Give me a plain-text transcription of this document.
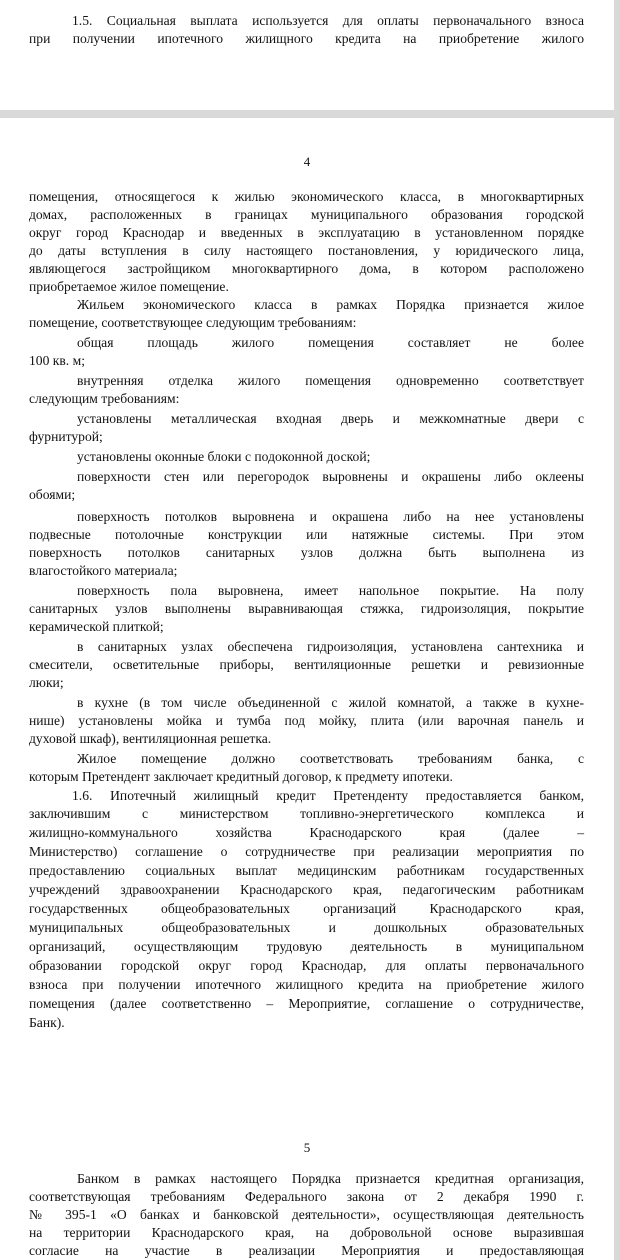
1.5. Социальная выплата используется для оплаты первоначального взноса
при получении ипотечного жилищного кредита на приобретение жилого
4
помещения, относящегося к жилью экономического класса, в многоквартирных
домах, расположенных в границах муниципального образования городской
округ город Краснодар и введенных в эксплуатацию в установленном порядке
до даты вступления в силу настоящего постановления, у юридического лица,
являющегося застройщиком многоквартирного дома, в котором расположено
приобретаемое жилое помещение.
Жильем экономического класса в рамках Порядка признается жилое
помещение, соответствующее следующим требованиям:
общая площадь жилого помещения составляет не более
100 кв. м;
внутренняя отделка жилого помещения одновременно соответствует
следующим требованиям:
установлены металлическая входная дверь и межкомнатные двери с
фурнитурой;
установлены оконные блоки с подоконной доской;
поверхности стен или перегородок выровнены и окрашены либо оклеены
обоями;
поверхность потолков выровнена и окрашена либо на нее установлены
подвесные потолочные конструкции или натяжные системы. При этом
поверхность потолков санитарных узлов должна быть выполнена из
влагостойкого материала;
поверхность пола выровнена, имеет напольное покрытие. На полу
санитарных узлов выполнены выравнивающая стяжка, гидроизоляция, покрытие
керамической плиткой;
в санитарных узлах обеспечена гидроизоляция, установлена сантехника и
смесители, осветительные приборы, вентиляционные решетки и ревизионные
люки;
в кухне (в том числе объединенной с жилой комнатой, а также в кухне-
нише) установлены мойка и тумба под мойку, плита (или варочная панель и
духовой шкаф), вентиляционная решетка.
Жилое помещение должно соответствовать требованиям банка, с
которым Претендент заключает кредитный договор, к предмету ипотеки.
1.6. Ипотечный жилищный кредит Претенденту предоставляется банком,
заключившим с министерством топливно-энергетического комплекса и
жилищно-коммунального хозяйства Краснодарского края (далее –
Министерство) соглашение о сотрудничестве при реализации мероприятия по
предоставлению социальных выплат медицинским работникам государственных
учреждений здравоохранении Краснодарского края, педагогическим работникам
государственных общеобразовательных организаций Краснодарского края,
муниципальных общеобразовательных и дошкольных образовательных
организаций, осуществляющим трудовую деятельность в муниципальном
образовании городской округ город Краснодар, для оплаты первоначального
взноса при получении ипотечного жилищного кредита на приобретение жилого
помещения (далее соответственно – Мероприятие, соглашение о сотрудничестве,
Банк).
5
Банком в рамках настоящего Порядка признается кредитная организация,
соответствующая требованиям Федерального закона от 2 декабря 1990 г.
№ 395-1 «О банках и банковской деятельности», осуществляющая деятельность
на территории Краснодарского края, на добровольной основе выразившая
согласие на участие в реализации Мероприятия и предоставляющая
